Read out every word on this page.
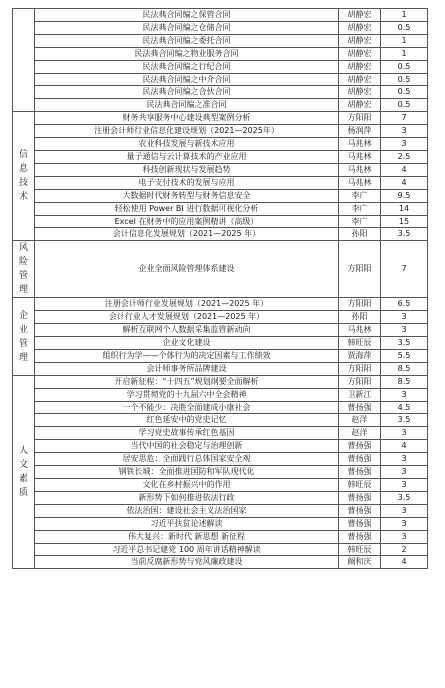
	民法典合同编之保管合同	胡静宏	1
	民法典合同编之仓储合同	胡静宏	0.5
	民法典合同编之委托合同	胡静宏	1
	民法典合同编之物业服务合同	胡静宏	1
	民法典合同编之行纪合同	胡静宏	0.5
	民法典合同编之中介合同	胡静宏	0.5
	民法典合同编之合伙合同	胡静宏	0.5
	民法典合同编之准合同	胡静宏	0.5

信息技术	财务共享服务中心建设典型案例分析	方阳阳	7
	注册会计师行业信息化建设规划（2021—2025年）	杨润萍	3
	农业科技发展与新技术应用	马兆林	3
	量子通信与云计算技术的产业应用	马兆林	2.5
	科技创新现状与发展趋势	马兆林	4
	电子支付技术的发展与应用	马兆林	4
	大数据时代财务转型与财务信息安全	李广	9.5
	轻松使用 Power BI 进行数据可视化分析	李广	14
	Excel 在财务中的应用案例精讲（高级）	李广	15
	会计信息化发展规划（2021—2025 年）	孙阳	3.5

风险管理	企业全面风险管理体系建设	方阳阳	7

企业管理	注册会计师行业发展规划（2021—2025 年）	方阳阳	6.5
	会计行业人才发展规划（2021—2025 年）	孙阳	3
	解析互联网个人数据采集监管新动向	马兆林	3
	企业文化建设	韩旺辰	3.5
	组织行为学——个体行为的决定因素与工作绩效	贾海萍	5.5
	会计师事务所品牌建设	方阳阳	8.5

人文素质	开启新征程：“十四五”规划纲要全面解析	方阳阳	8.5
	学习贯彻党的十九届六中全会精神	卫新江	3
	一个不能少：决胜全面建成小康社会	曹扬强	4.5
	红色延安中的党史记忆	赵洋	3.5
	学习党史故事传承红色基因	赵洋	3
	当代中国的社会稳定与治理创新	曹扬强	4
	居安思危：全面践行总体国家安全观	曹扬强	3
	钢铁长城：全面推进国防和军队现代化	曹扬强	3
	文化在乡村振兴中的作用	韩旺辰	3
	新形势下如何推进依法行政	曹扬强	3.5
	依法治国：建设社会主义法治国家	曹扬强	3
	习近平扶贫论述解读	曹扬强	3
	伟大复兴：新时代 新思想 新征程	曹扬强	3
	习近平总书记建党 100 周年讲话精神解读	韩旺辰	2
	当前反腐新形势与党风廉政建设	阚和庆	4
